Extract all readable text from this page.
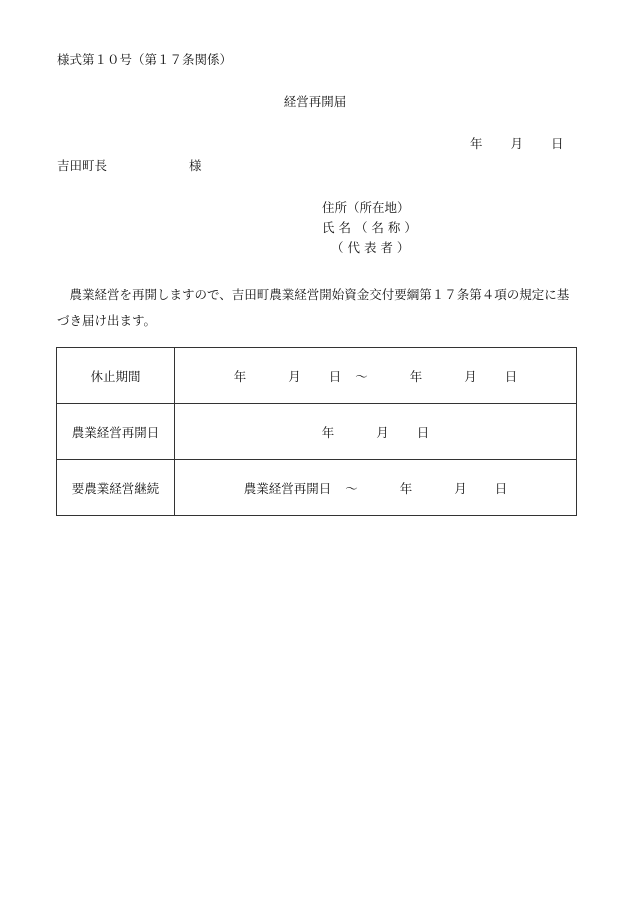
様式第１０号（第１７条関係）
経営再開届
年 月 日
吉田町長	様
住所（所在地）
氏 名 （ 名 称 ）
（ 代 表 者 ）
農業経営を再開しますので、吉田町農業経営開始資金交付要綱第１７条第４項の規定に基づき届け出ます。
休止期間	年 月 日 ～ 年 月 日
農業経営再開日	年 月 日
要農業経営継続	農業経営再開日 ～ 年 月 日
